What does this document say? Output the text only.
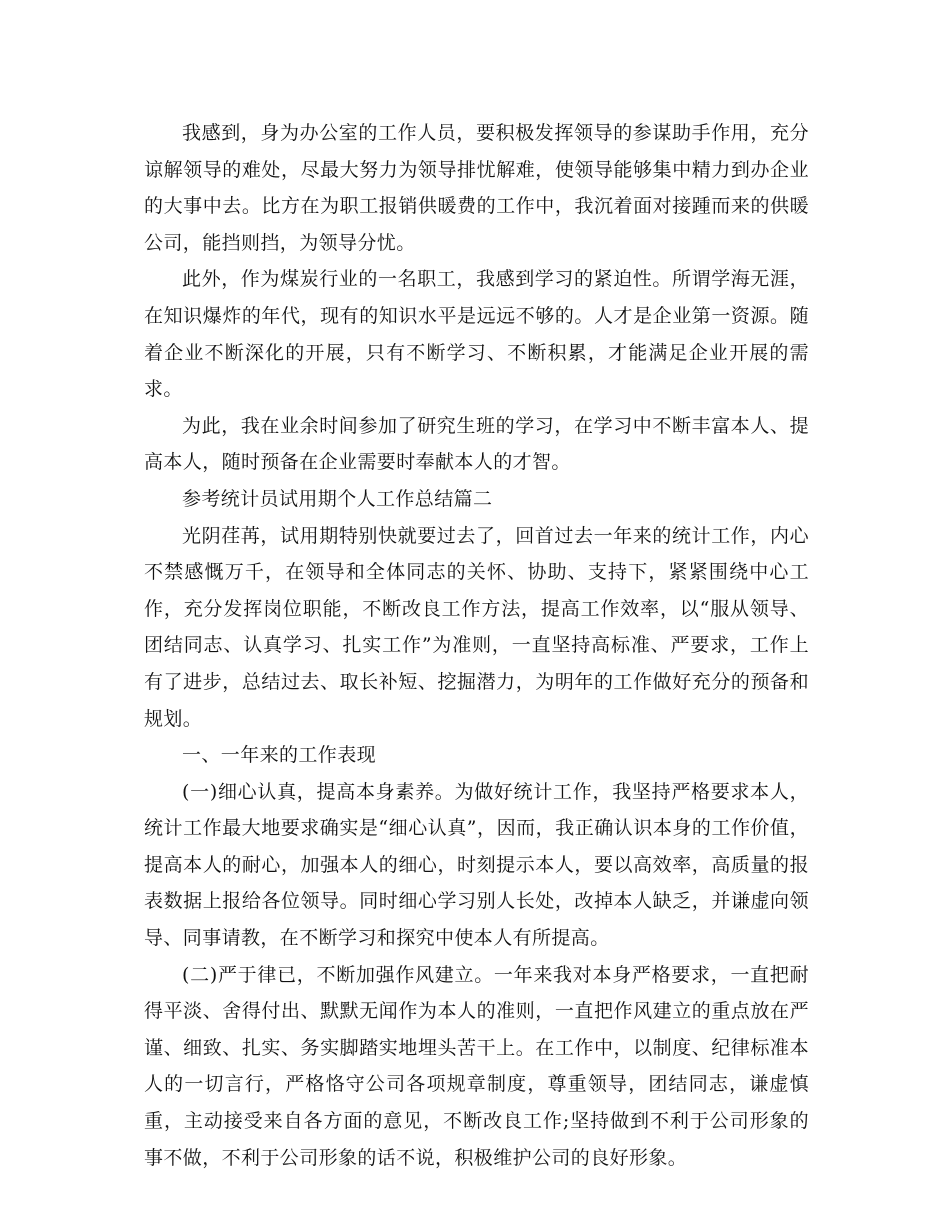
我感到，身为办公室的工作人员，要积极发挥领导的参谋助手作用，充分谅解领导的难处，尽最大努力为领导排忧解难，使领导能够集中精力到办企业的大事中去。比方在为职工报销供暖费的工作中，我沉着面对接踵而来的供暖公司，能挡则挡，为领导分忧。

此外，作为煤炭行业的一名职工，我感到学习的紧迫性。所谓学海无涯，在知识爆炸的年代，现有的知识水平是远远不够的。人才是企业第一资源。随着企业不断深化的开展，只有不断学习、不断积累，才能满足企业开展的需求。

为此，我在业余时间参加了研究生班的学习，在学习中不断丰富本人、提高本人，随时预备在企业需要时奉献本人的才智。

参考统计员试用期个人工作总结篇二

光阴荏苒，试用期特别快就要过去了，回首过去一年来的统计工作，内心不禁感慨万千，在领导和全体同志的关怀、协助、支持下，紧紧围绕中心工作，充分发挥岗位职能，不断改良工作方法，提高工作效率，以“服从领导、团结同志、认真学习、扎实工作”为准则，一直坚持高标准、严要求，工作上有了进步，总结过去、取长补短、挖掘潜力，为明年的工作做好充分的预备和规划。

一、一年来的工作表现

(一)细心认真，提高本身素养。为做好统计工作，我坚持严格要求本人，统计工作最大地要求确实是“细心认真”，因而，我正确认识本身的工作价值，提高本人的耐心，加强本人的细心，时刻提示本人，要以高效率，高质量的报表数据上报给各位领导。同时细心学习别人长处，改掉本人缺乏，并谦虚向领导、同事请教，在不断学习和探究中使本人有所提高。

(二)严于律已，不断加强作风建立。一年来我对本身严格要求，一直把耐得平淡、舍得付出、默默无闻作为本人的准则，一直把作风建立的重点放在严谨、细致、扎实、务实脚踏实地埋头苦干上。在工作中，以制度、纪律标准本人的一切言行，严格恪守公司各项规章制度，尊重领导，团结同志，谦虚慎重，主动接受来自各方面的意见，不断改良工作;坚持做到不利于公司形象的事不做，不利于公司形象的话不说，积极维护公司的良好形象。
